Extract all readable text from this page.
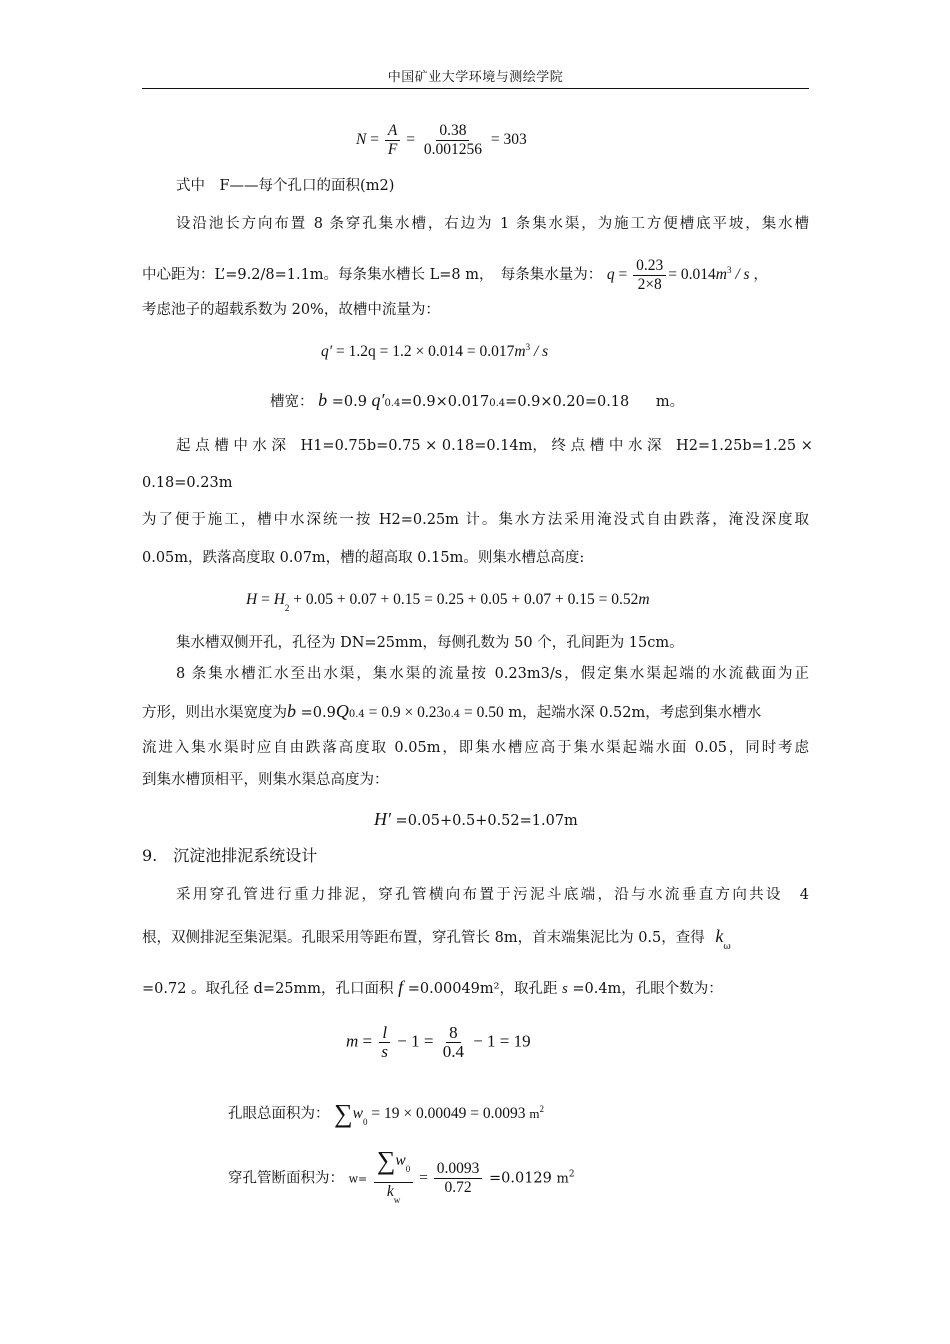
中国矿业大学环境与测绘学院
$N = \frac{A}{F} = \frac{0.38}{0.001256} = 303$
式中　F——每个孔口的面积(m2)
设沿池长方向布置 8 条穿孔集水槽，右边为 1 条集水渠，为施工方便槽底平坡，集水槽
中心距为：L’=9.2/8=1.1m。每条集水槽长 L=8 m，　每条集水量为： $q = \frac{0.23}{2\times 8} = 0.014m^3 / s$ ，
考虑池子的超载系数为 20%，故槽中流量为：
$q' = 1.2q = 1.2 \times 0.014 = 0.017m^3 / s$
槽宽： b =0.9 q′0.4=0.9×0.0170.4=0.9×0.20=0.18 m。
起 点 槽 中 水 深　H1=0.75b=0.75 × 0.18=0.14m， 终 点 槽 中 水 深　H2=1.25b=1.25 ×
0.18=0.23m
为了便于施工，槽中水深统一按 H2=0.25m 计。集水方法采用淹没式自由跌落，淹没深度取
0.05m，跌落高度取 0.07m，槽的超高取 0.15m。则集水槽总高度:
$H = H_2 + 0.05 + 0.07 + 0.15 = 0.25 + 0.05 + 0.07 + 0.15 = 0.52m$
集水槽双侧开孔，孔径为 DN=25mm，每侧孔数为 50 个，孔间距为 15cm。
8 条集水槽汇水至出水渠，集水渠的流量按 0.23m3/s，假定集水渠起端的水流截面为正
方形，则出水渠宽度为b =0.9Q0.4 = 0.9 × 0.230.4 = 0.50 m，起端水深 0.52m，考虑到集水槽水
流进入集水渠时应自由跌落高度取 0.05m，即集水槽应高于集水渠起端水面 0.05，同时考虑
到集水槽顶相平，则集水渠总高度为：
H′ =0.05+0.5+0.52=1.07m
9.　沉淀池排泥系统设计
采用穿孔管进行重力排泥，穿孔管横向布置于污泥斗底端，沿与水流垂直方向共设　4
根，双侧排泥至集泥渠。孔眼采用等距布置，穿孔管长 8m，首末端集泥比为 0.5，查得 $k_\omega$
=0.72 。取孔径 d=25mm，孔口面积 f =0.00049m²，取孔距 s =0.4m，孔眼个数为：
$m = \frac{l}{s} - 1 = \frac{8}{0.4} - 1 = 19$
孔眼总面积为： $\sum w_0 = 19 \times 0.00049 = 0.0093$ $m^2$
穿孔管断面积为： $w= \frac{\sum w_0}{k_w} = \frac{0.0093}{0.72} =0.0129$ $m^2$
